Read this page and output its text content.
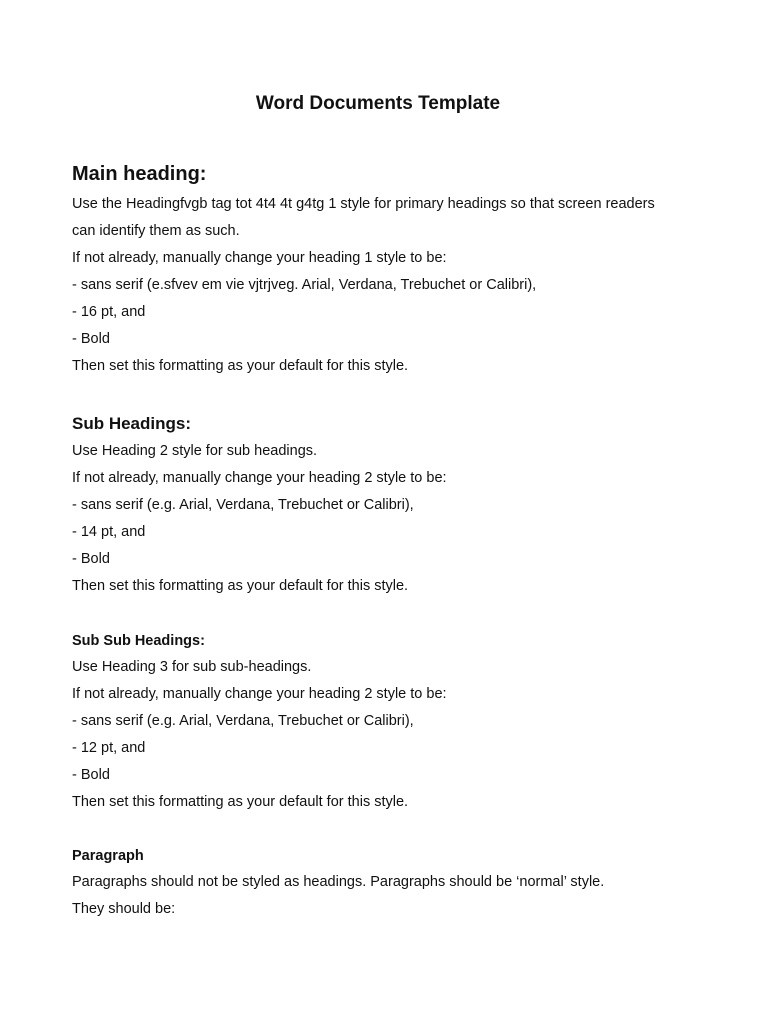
Word Documents Template
Main heading:
Use the Headingfvgb tag tot 4t4 4t g4tg 1 style for primary headings so that screen readers
can identify them as such.
If not already, manually change your heading 1 style to be:
- sans serif (e.sfvev em vie vjtrjveg. Arial, Verdana, Trebuchet or Calibri),
- 16 pt, and
- Bold
Then set this formatting as your default for this style.
Sub Headings:
Use Heading 2 style for sub headings.
If not already, manually change your heading 2 style to be:
- sans serif (e.g. Arial, Verdana, Trebuchet or Calibri),
- 14 pt, and
- Bold
Then set this formatting as your default for this style.
Sub Sub Headings:
Use Heading 3 for sub sub-headings.
If not already, manually change your heading 2 style to be:
- sans serif (e.g. Arial, Verdana, Trebuchet or Calibri),
- 12 pt, and
- Bold
Then set this formatting as your default for this style.
Paragraph
Paragraphs should not be styled as headings. Paragraphs should be ‘normal’ style.
They should be:
